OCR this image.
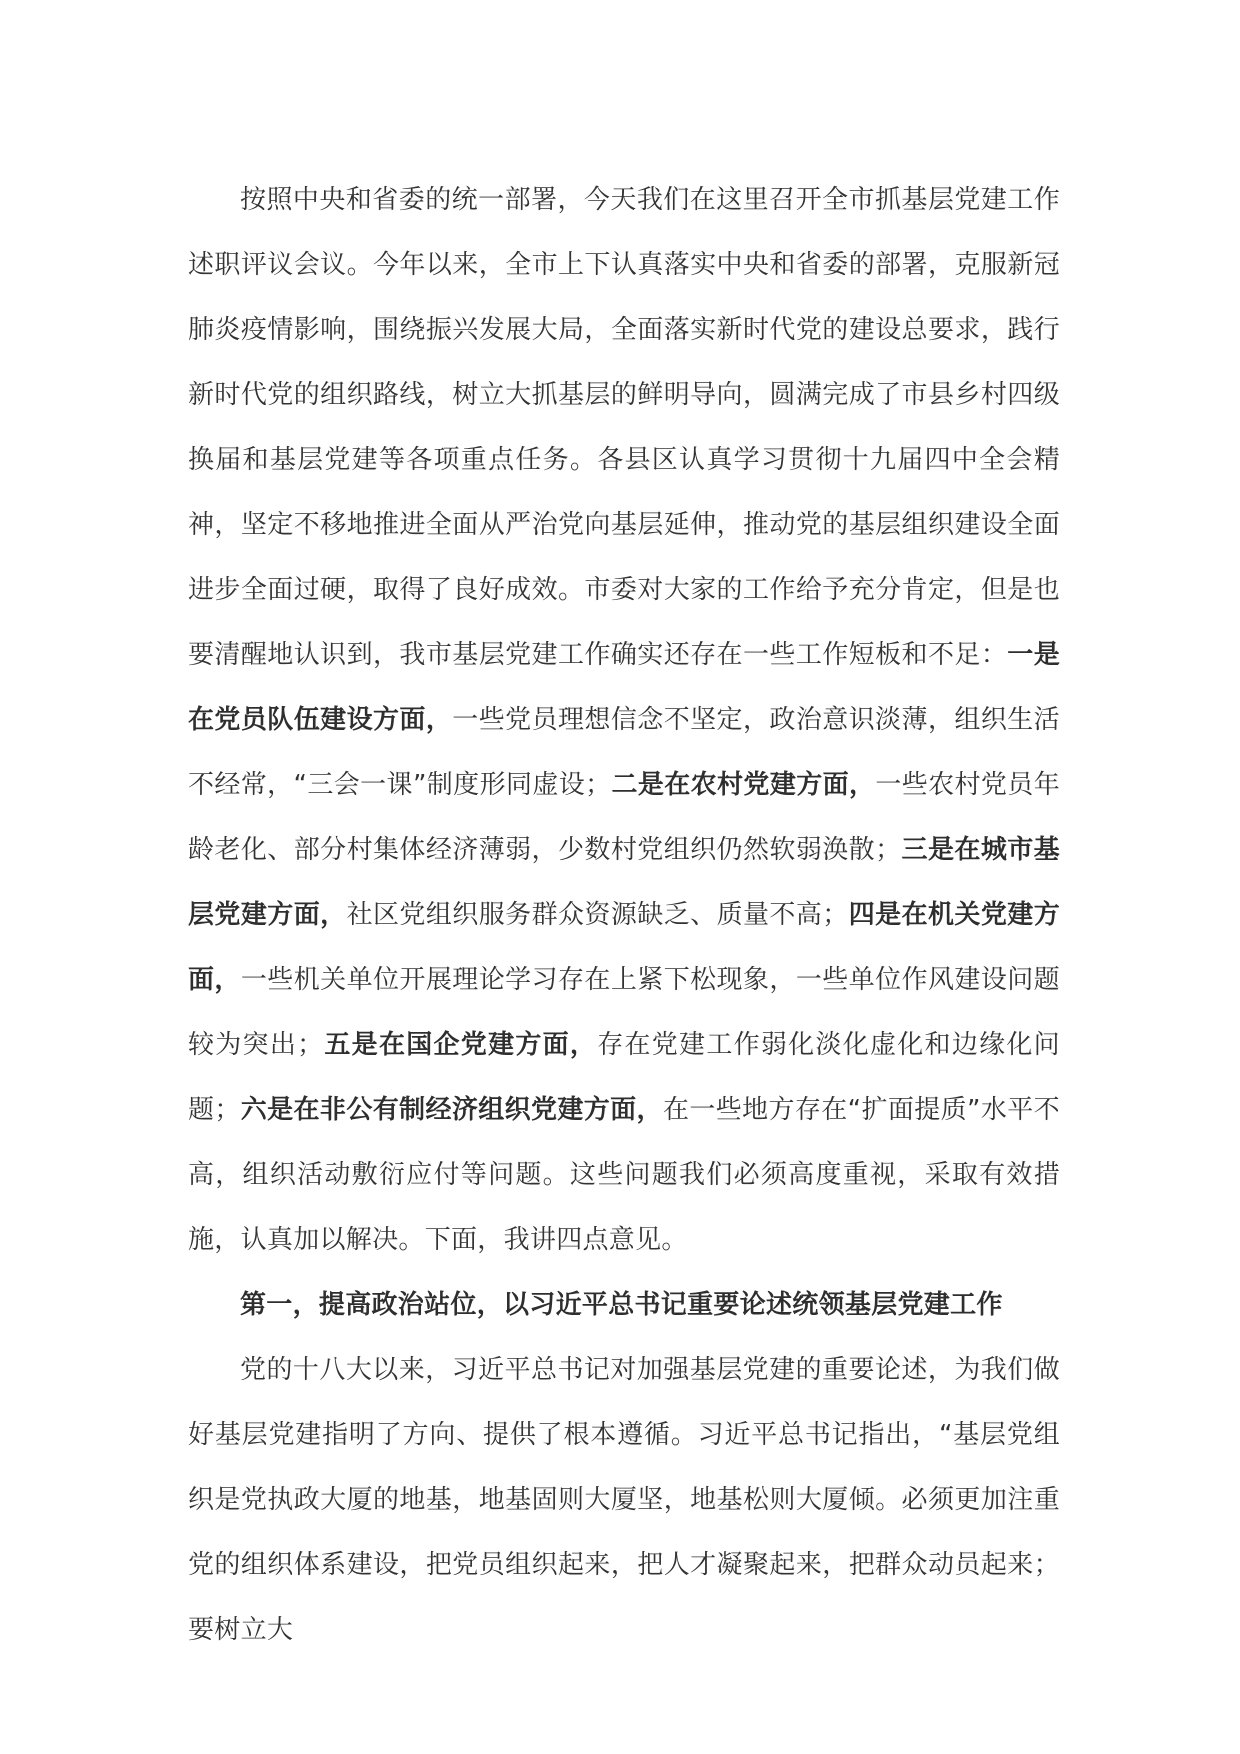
按照中央和省委的统一部署，今天我们在这里召开全市抓基层党建工作述职评议会议。今年以来，全市上下认真落实中央和省委的部署，克服新冠肺炎疫情影响，围绕振兴发展大局，全面落实新时代党的建设总要求，践行新时代党的组织路线，树立大抓基层的鲜明导向，圆满完成了市县乡村四级换届和基层党建等各项重点任务。各县区认真学习贯彻十九届四中全会精神，坚定不移地推进全面从严治党向基层延伸，推动党的基层组织建设全面进步全面过硬，取得了良好成效。市委对大家的工作给予充分肯定，但是也要清醒地认识到，我市基层党建工作确实还存在一些工作短板和不足：一是在党员队伍建设方面，一些党员理想信念不坚定，政治意识淡薄，组织生活不经常，“三会一课”制度形同虚设；二是在农村党建方面，一些农村党员年龄老化、部分村集体经济薄弱，少数村党组织仍然软弱涣散；三是在城市基层党建方面，社区党组织服务群众资源缺乏、质量不高；四是在机关党建方面，一些机关单位开展理论学习存在上紧下松现象，一些单位作风建设问题较为突出；五是在国企党建方面，存在党建工作弱化淡化虚化和边缘化问题；六是在非公有制经济组织党建方面，在一些地方存在“扩面提质”水平不高，组织活动敷衍应付等问题。这些问题我们必须高度重视，采取有效措施，认真加以解决。下面，我讲四点意见。

第一，提高政治站位，以习近平总书记重要论述统领基层党建工作

党的十八大以来，习近平总书记对加强基层党建的重要论述，为我们做好基层党建指明了方向、提供了根本遵循。习近平总书记指出，“基层党组织是党执政大厦的地基，地基固则大厦坚，地基松则大厦倾。必须更加注重党的组织体系建设，把党员组织起来，把人才凝聚起来，把群众动员起来；要树立大
